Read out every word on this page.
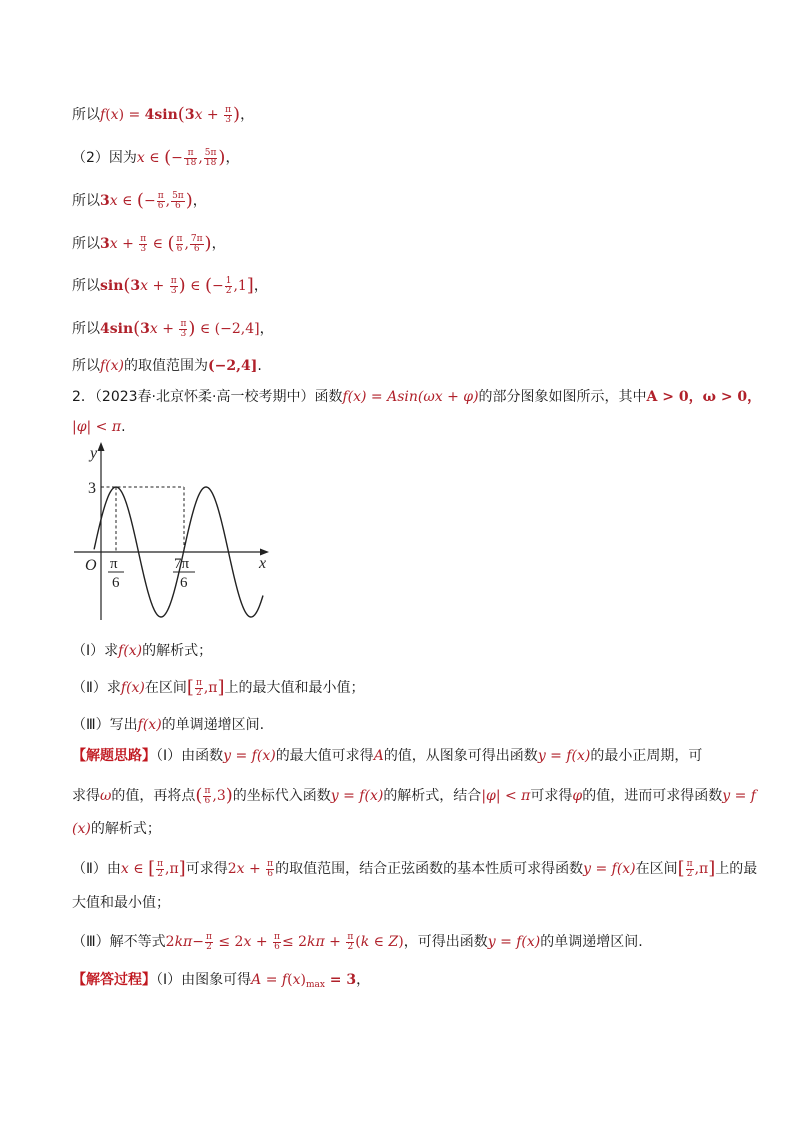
所以$f(x) = 4\sin(3x + \frac{\pi}{3}$ )，
（2）因为x ∈ (− $\frac{\pi}{18}$ , $\frac{5\pi}{18}$ )，
所以3x ∈ (− $\frac{\pi}{6}$ , $\frac{5\pi}{6}$ )，
所以$3x + \frac{\pi}{3}$ ∈ ( $\frac{\pi}{6}$ , $\frac{7\pi}{6}$ )，
所以$\sin(3x + \frac{\pi}{3}$ ) ∈ (− $\frac{1}{2} ,1$]，
所以$4\sin(3x + \frac{\pi}{3}$ ) ∈ (−2,4]，
所以f(x)的取值范围为(−2,4].
2．（2023春·北京怀柔·高一校考期中）函数f(x) = Asin(ωx + φ)的部分图象如图所示，其中A > 0，ω > 0，
|φ| < π.
y
x
O
3
π
6
7π
6
（Ⅰ）求f(x)的解析式；
（Ⅱ）求f(x)在区间[ $\frac{\pi}{2} ,\pi$]上的最大值和最小值；
（Ⅲ）写出f(x)的单调递增区间.
【解题思路】（Ⅰ）由函数y = f(x)的最大值可求得A的值，从图象可得出函数y = f(x)的最小正周期，可
求得ω的值，再将点( $\frac{\pi}{6} ,3$)的坐标代入函数y = f(x)的解析式，结合|φ| < π可求得φ的值，进而可求得函数y = f
(x)的解析式；
（Ⅱ）由x ∈ [ $\frac{\pi}{2} ,\pi$]可求得$2x + \frac{\pi}{6}$ 的取值范围，结合正弦函数的基本性质可求得函数y = f(x)在区间[ $\frac{\pi}{2} ,\pi$]上的最
大值和最小值；
（Ⅲ）解不等式$2k\pi- \frac{\pi}{2} \le 2x + \frac{\pi}{6} \le 2k\pi + \frac{\pi}{2} (k$ ∈ Z)，可得出函数y = f(x)的单调递增区间.
【解答过程】（Ⅰ）由图象可得$A = f(x)_{max} = 3$，
